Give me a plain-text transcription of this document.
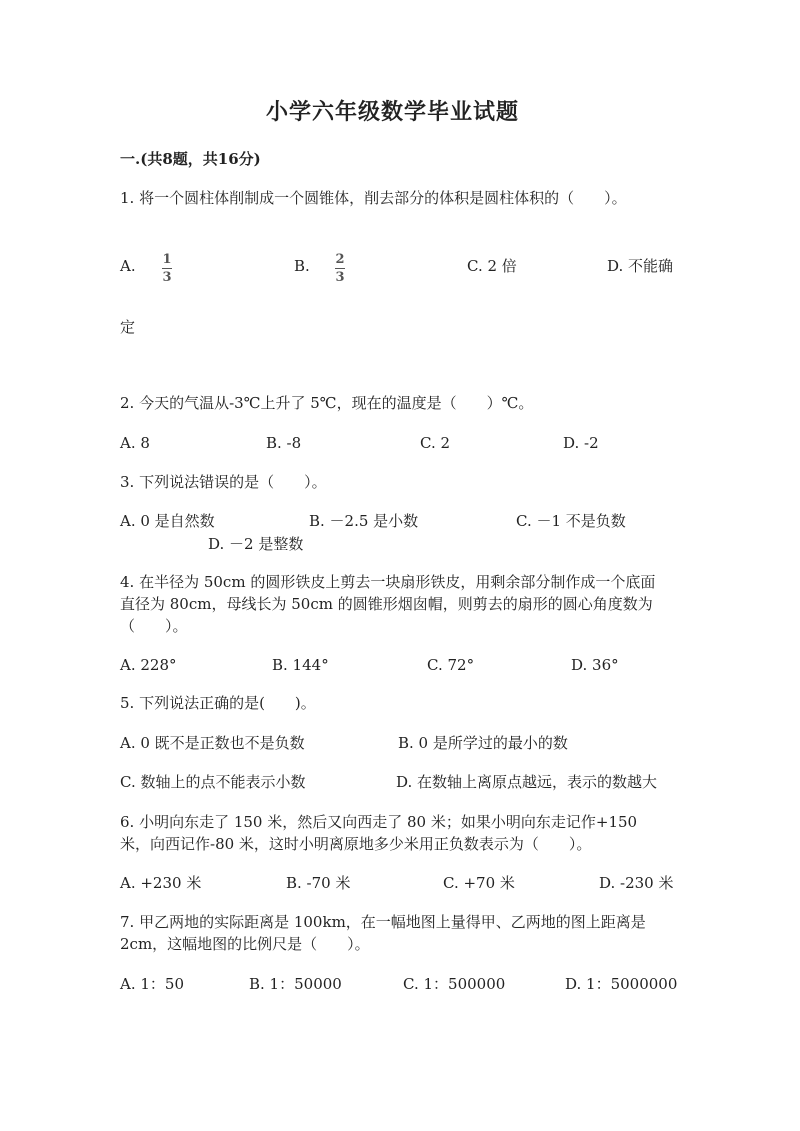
小学六年级数学毕业试题
一.(共8题，共16分)
1. 将一个圆柱体削制成一个圆锥体，削去部分的体积是圆柱体积的（　　）。
A. 1
3
B. 2
3
C. 2 倍	D. 不能确
定
2. 今天的气温从-3℃上升了 5℃，现在的温度是（　　）℃。
A. 8	B. -8	C. 2	D. -2
3. 下列说法错误的是（　　）。
A. 0 是自然数	B. －2.5 是小数	C. －1 不是负数
D. －2 是整数
4. 在半径为 50cm 的圆形铁皮上剪去一块扇形铁皮，用剩余部分制作成一个底面
直径为 80cm，母线长为 50cm 的圆锥形烟囱帽，则剪去的扇形的圆心角度数为
（　　）。
A. 228°	B. 144°	C. 72°	D. 36°
5. 下列说法正确的是(　　)。
A. 0 既不是正数也不是负数	B. 0 是所学过的最小的数
C. 数轴上的点不能表示小数	D. 在数轴上离原点越远，表示的数越大
6. 小明向东走了 150 米，然后又向西走了 80 米；如果小明向东走记作+150
米，向西记作-80 米，这时小明离原地多少米用正负数表示为（　　）。
A. +230 米	B. -70 米	C. +70 米	D. -230 米
7. 甲乙两地的实际距离是 100km，在一幅地图上量得甲、乙两地的图上距离是
2cm，这幅地图的比例尺是（　　）。
A. 1：50	B. 1：50000	C. 1：500000	D. 1：5000000
